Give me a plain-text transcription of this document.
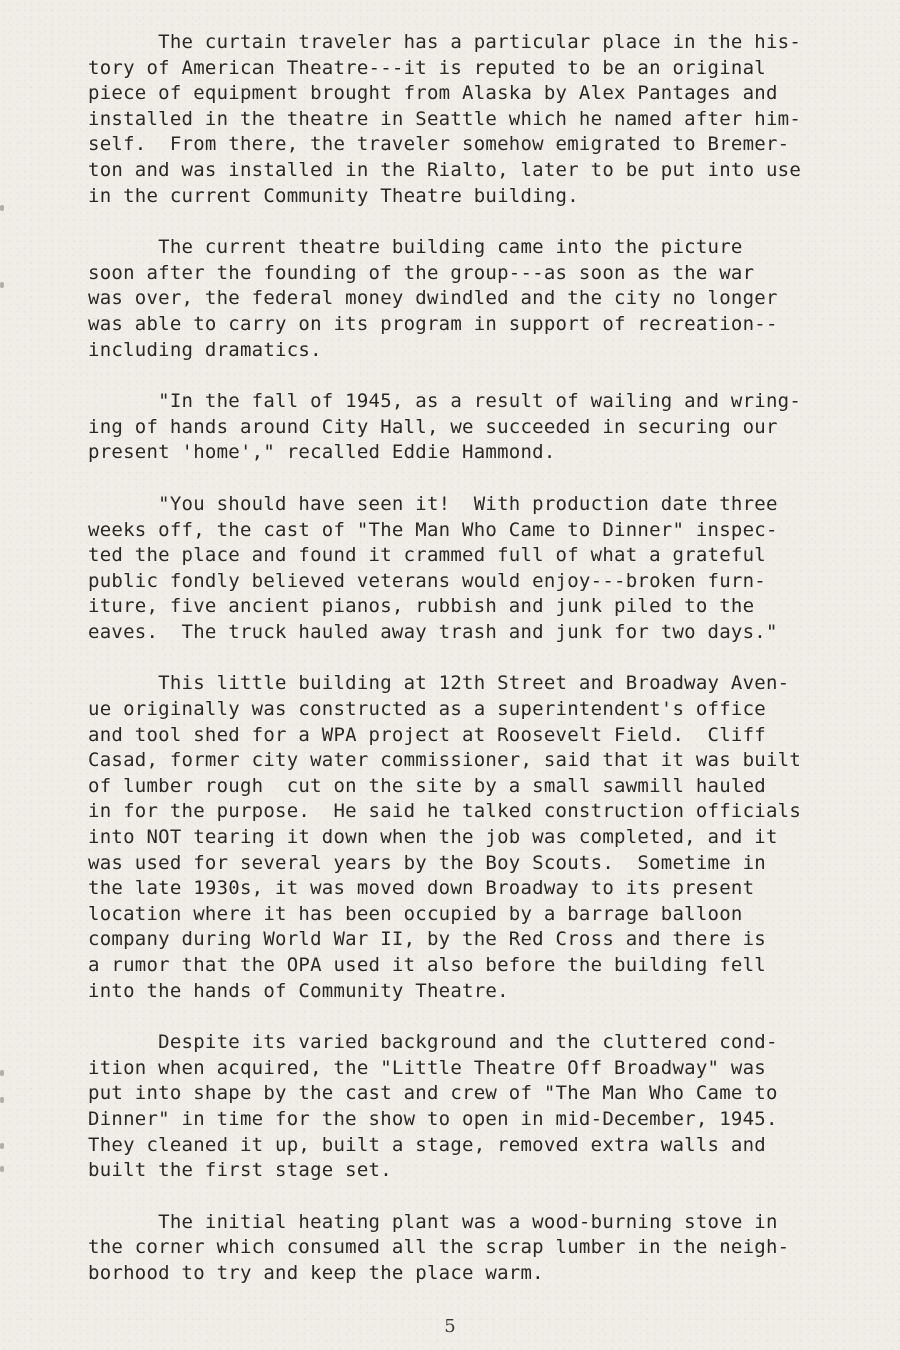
The curtain traveler has a particular place in the his-
tory of American Theatre---it is reputed to be an original
piece of equipment brought from Alaska by Alex Pantages and
installed in the theatre in Seattle which he named after him-
self.  From there, the traveler somehow emigrated to Bremer-
ton and was installed in the Rialto, later to be put into use
in the current Community Theatre building.
The current theatre building came into the picture
soon after the founding of the group---as soon as the war
was over, the federal money dwindled and the city no longer
was able to carry on its program in support of recreation--
including dramatics.
"In the fall of 1945, as a result of wailing and wring-
ing of hands around City Hall, we succeeded in securing our
present 'home'," recalled Eddie Hammond.
"You should have seen it!  With production date three
weeks off, the cast of "The Man Who Came to Dinner" inspec-
ted the place and found it crammed full of what a grateful
public fondly believed veterans would enjoy---broken furn-
iture, five ancient pianos, rubbish and junk piled to the
eaves.  The truck hauled away trash and junk for two days."
This little building at 12th Street and Broadway Aven-
ue originally was constructed as a superintendent's office
and tool shed for a WPA project at Roosevelt Field.  Cliff
Casad, former city water commissioner, said that it was built
of lumber rough  cut on the site by a small sawmill hauled
in for the purpose.  He said he talked construction officials
into NOT tearing it down when the job was completed, and it
was used for several years by the Boy Scouts.  Sometime in
the late 1930s, it was moved down Broadway to its present
location where it has been occupied by a barrage balloon
company during World War II, by the Red Cross and there is
a rumor that the OPA used it also before the building fell
into the hands of Community Theatre.
Despite its varied background and the cluttered cond-
ition when acquired, the "Little Theatre Off Broadway" was
put into shape by the cast and crew of "The Man Who Came to
Dinner" in time for the show to open in mid-December, 1945.
They cleaned it up, built a stage, removed extra walls and
built the first stage set.
The initial heating plant was a wood-burning stove in
the corner which consumed all the scrap lumber in the neigh-
borhood to try and keep the place warm.
5
